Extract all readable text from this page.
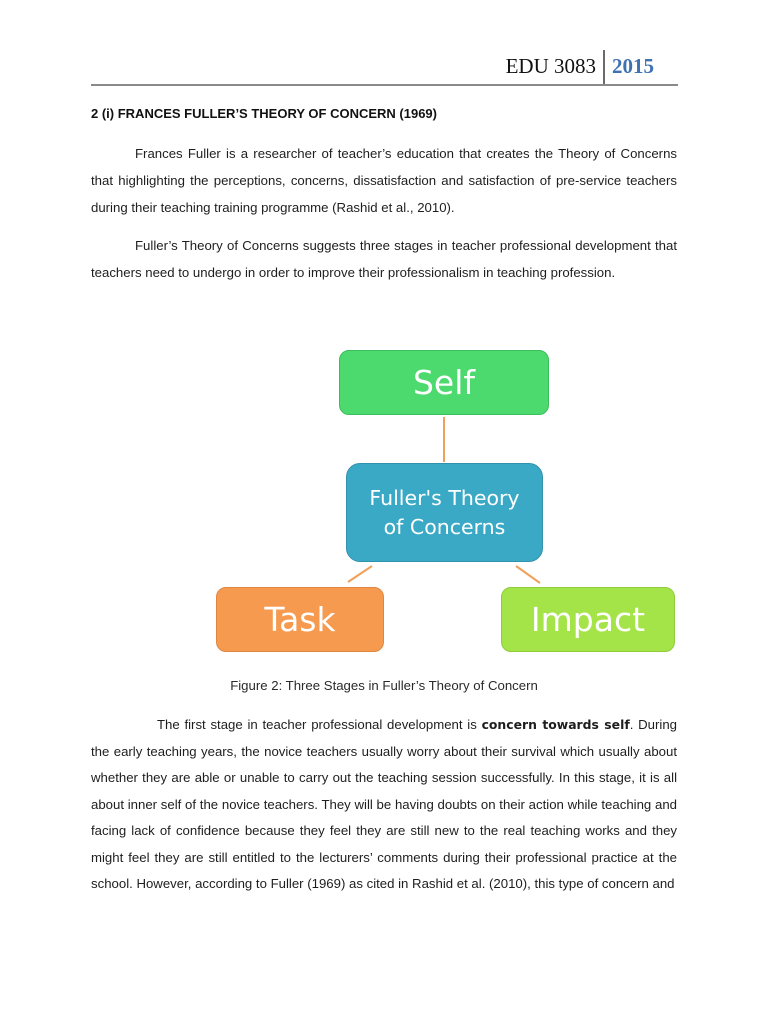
EDU 3083 2015
2 (i) FRANCES FULLER’S THEORY OF CONCERN (1969)

Frances Fuller is a researcher of teacher’s education that creates the Theory of Concerns that highlighting the perceptions, concerns, dissatisfaction and satisfaction of pre-service teachers during their teaching training programme (Rashid et al., 2010).

Fuller’s Theory of Concerns suggests three stages in teacher professional development that teachers need to undergo in order to improve their professionalism in teaching profession.

Self
Fuller's Theory
of Concerns
Task	Impact
Figure 2: Three Stages in Fuller’s Theory of Concern

The first stage in teacher professional development is concern towards self. During the early teaching years, the novice teachers usually worry about their survival which usually about whether they are able or unable to carry out the teaching session successfully. In this stage, it is all about inner self of the novice teachers. They will be having doubts on their action while teaching and facing lack of confidence because they feel they are still new to the real teaching works and they might feel they are still entitled to the lecturers’ comments during their professional practice at the school. However, according to Fuller (1969) as cited in Rashid et al. (2010), this type of concern and
